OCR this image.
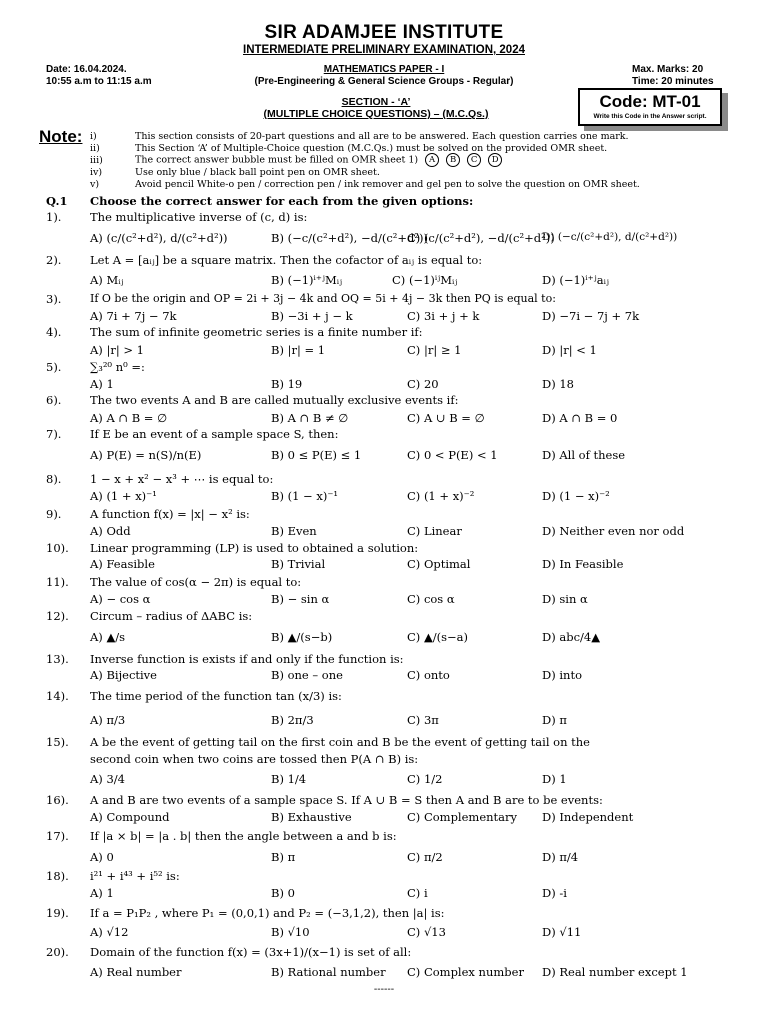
SIR ADAMJEE INSTITUTE
INTERMEDIATE PRELIMINARY EXAMINATION, 2024
Date: 16.04.2024.
10:55 a.m to 11:15 a.m
MATHEMATICS PAPER - I
(Pre-Engineering & General Science Groups - Regular)
Max. Marks: 20
Time: 20 minutes
SECTION - ‘A’
(MULTIPLE CHOICE QUESTIONS) – (M.C.Qs.)
Code: MT-01
Write this Code in the Answer script.
Note: i)	This section consists of 20-part questions and all are to be answered. Each question carries one mark.
ii)	This Section ‘A’ of Multiple-Choice question (M.C.Qs.) must be solved on the provided OMR sheet.
iii)	The correct answer bubble must be filled on OMR sheet 1) A B C D
iv)	Use only blue / black ball point pen on OMR sheet.
v)	Avoid pencil White-o pen / correction pen / ink remover and gel pen to solve the question on OMR sheet.
Q.1 Choose the correct answer for each from the given options:
1). The multiplicative inverse of (c, d) is:
A) (c/(c²+d²), d/(c²+d²))	B) (−c/(c²+d²), −d/(c²+d²))
C) (c/(c²+d²), −d/(c²+d²))
D) (−c/(c²+d²), d/(c²+d²))
2). Let A = [aᵢⱼ] be a square matrix. Then the cofactor of aᵢⱼ is equal to:
A) Mᵢⱼ	B) (−1)ⁱ⁺ʲMᵢⱼ	C) (−1)ⁱʲMᵢⱼ	D) (−1)ⁱ⁺ʲaᵢⱼ
3).	If O be the origin and OP = 2i + 3j − 4k and OQ = 5i + 4j − 3k then PQ is equal to:
A) 7i + 7j − 7k	B) −3i + j − k	C) 3i + j + k	D) −7i − 7j + 7k
4). The sum of infinite geometric series is a finite number if:
A) |r| > 1	B) |r| = 1	C) |r| ≥ 1	D) |r| < 1
5). ∑₃²⁰ n⁰ =:
A) 1	B) 19	C) 20	D) 18
6). The two events A and B are called mutually exclusive events if:
A) A ∩ B = ∅	B) A ∩ B ≠ ∅	C) A ∪ B = ∅	D) A ∩ B = 0
7). If E be an event of a sample space S, then:
A) P(E) = n(S)/n(E)	B) 0 ≤ P(E) ≤ 1	C) 0 < P(E) < 1	D) All of these
8). 1 − x + x² − x³ + ⋯ is equal to:
A) (1 + x)⁻¹	B) (1 − x)⁻¹	C) (1 + x)⁻²	D) (1 − x)⁻²
9). A function f(x) = |x| − x² is:
A) Odd	B) Even	C) Linear	D) Neither even nor odd
10). Linear programming (LP) is used to obtained a solution:
A) Feasible	B) Trivial	C) Optimal	D) In Feasible
11). The value of cos(α − 2π) is equal to:
A) − cos α	B) − sin α	C) cos α	D) sin α
12). Circum – radius of ΔABC is:
A) ▲/s	B) ▲/(s−b)	C) ▲/(s−a)	D) abc/4▲
13). Inverse function is exists if and only if the function is:
A) Bijective	B) one – one	C) onto	D) into
14). The time period of the function tan (x/3) is:
A) π/3	B) 2π/3	C) 3π	D) π
15). A be the event of getting tail on the first coin and B be the event of getting tail on the
second coin when two coins are tossed then P(A ∩ B) is:
A) 3/4	B) 1/4	C) 1/2	D) 1
16). A and B are two events of a sample space S. If A ∪ B = S then A and B are to be events:
A) Compound	B) Exhaustive	C) Complementary D) Independent
17). If |a × b| = |a . b| then the angle between a and b is:
A) 0	B) π	C) π/2	D) π/4
18). i²¹ + i⁴³ + i⁵² is:
A) 1	B) 0	C) i	D) -i
19). If a = P₁P₂ , where P₁ = (0,0,1) and P₂ = (−3,1,2), then |a| is:
A) √12	B) √10	C) √13	D) √11
20). Domain of the function f(x) = (3x+1)/(x−1) is set of all:
A) Real number	B) Rational number C) Complex number D) Real number except 1
------
